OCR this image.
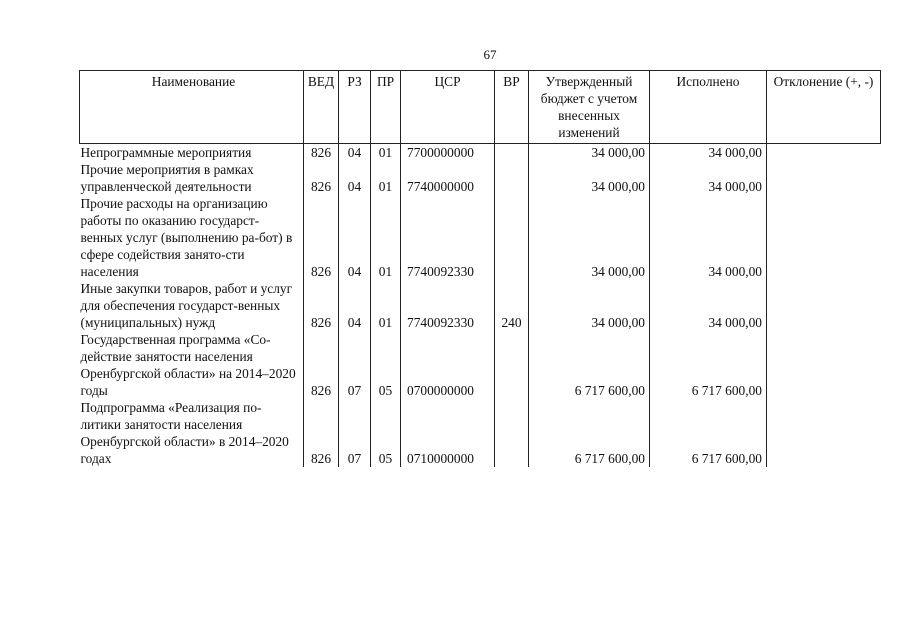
67
Наименование	ВЕД	РЗ	ПР	ЦСР	ВР	Утвержденный бюджет с учетом внесенных изменений	Исполнено	Отклонение (+, -)
Непрограммные мероприятия	826	04	01	7700000000		34 000,00	34 000,00	
Прочие мероприятия в рамках управленческой деятельности	826	04	01	7740000000		34 000,00	34 000,00	
Прочие расходы на организацию работы по оказанию государст-венных услуг (выполнению ра-бот) в сфере содействия занято-сти населения	826	04	01	7740092330		34 000,00	34 000,00	
Иные закупки товаров, работ и услуг для обеспечения государст-венных (муниципальных) нужд	826	04	01	7740092330	240	34 000,00	34 000,00	
Государственная программа «Со-действие занятости населения Оренбургской области» на 2014–2020 годы	826	07	05	0700000000		6 717 600,00	6 717 600,00	
Подпрограмма «Реализация по-литики занятости населения Оренбургской области» в 2014–2020 годах	826	07	05	0710000000		6 717 600,00	6 717 600,00	
